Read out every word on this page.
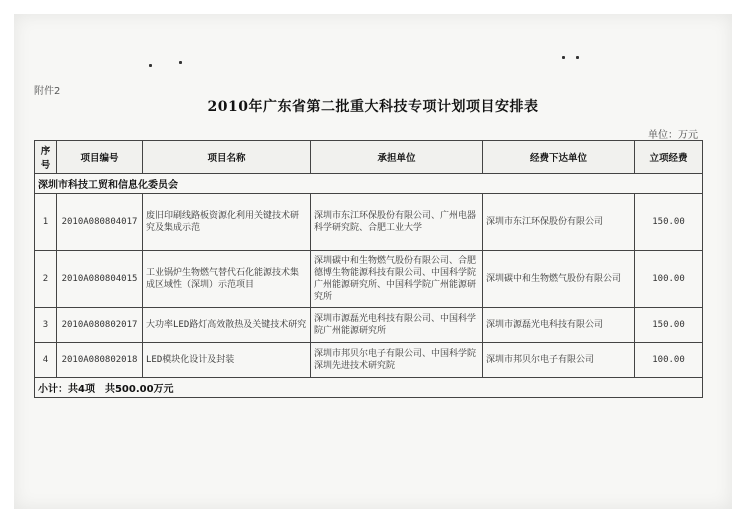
附件2
2010年广东省第二批重大科技专项计划项目安排表
单位：万元
序号	项目编号	项目名称	承担单位	经费下达单位	立项经费
深圳市科技工贸和信息化委员会					
1	2010A080804017	废旧印刷线路板资源化利用关键技术研究及集成示范	深圳市东江环保股份有限公司、广州电器科学研究院、合肥工业大学	深圳市东江环保股份有限公司	150.00
2	2010A080804015	工业锅炉生物燃气替代石化能源技术集成区域性（深圳）示范项目	深圳碳中和生物燃气股份有限公司、合肥德博生物能源科技有限公司、中国科学院广州能源研究所、中国科学院广州能源研究所	深圳碳中和生物燃气股份有限公司	100.00
3	2010A080802017	大功率LED路灯高效散热及关键技术研究	深圳市源磊光电科技有限公司、中国科学院广州能源研究所	深圳市源磊光电科技有限公司	150.00
4	2010A080802018	LED模块化设计及封装	深圳市邦贝尔电子有限公司、中国科学院深圳先进技术研究院	深圳市邦贝尔电子有限公司	100.00
小计：共4项　共500.00万元					
